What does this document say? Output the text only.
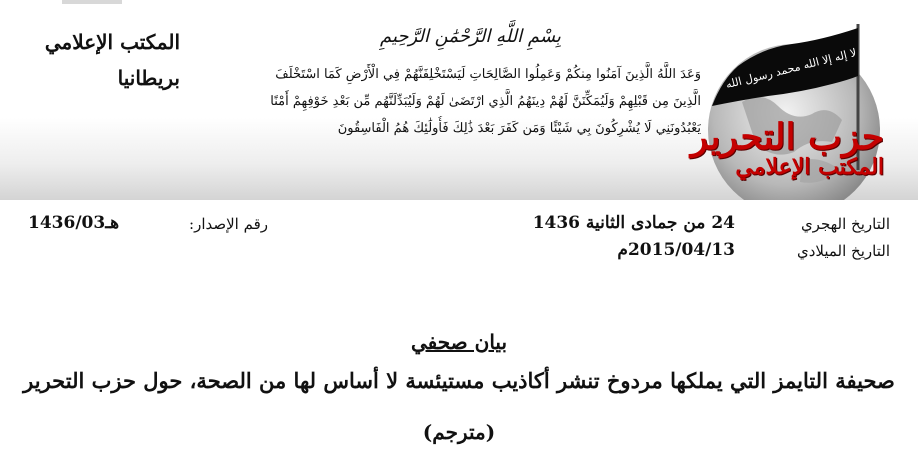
المكتب الإعلامي
بريطانيا
بِسْمِ اللَّهِ الرَّحْمَٰنِ الرَّحِيمِ
وَعَدَ اللَّهُ الَّذِينَ آمَنُوا مِنكُمْ وَعَمِلُوا الصَّالِحَاتِ لَيَسْتَخْلِفَنَّهُمْ فِي الْأَرْضِ كَمَا اسْتَخْلَفَ
الَّذِينَ مِن قَبْلِهِمْ وَلَيُمَكِّنَنَّ لَهُمْ دِينَهُمُ الَّذِي ارْتَضَىٰ لَهُمْ وَلَيُبَدِّلَنَّهُم مِّن بَعْدِ خَوْفِهِمْ أَمْنًا
يَعْبُدُونَنِي لَا يُشْرِكُونَ بِي شَيْئًا وَمَن كَفَرَ بَعْدَ ذَٰلِكَ فَأُولَٰئِكَ هُمُ الْفَاسِقُونَ
لا إله إلا الله محمد رسول الله
حزب التحرير
المكتب الإعلامي
التاريخ الهجري
24 من جمادى الثانية 1436
التاريخ الميلادي
2015/04/13م
رقم الإصدار:
1436/03هـ
بيان صحفي
صحيفة التايمز التي يملكها مردوخ تنشر أكاذيب مستيئسة لا أساس لها من الصحة، حول حزب التحرير
(مترجم)
